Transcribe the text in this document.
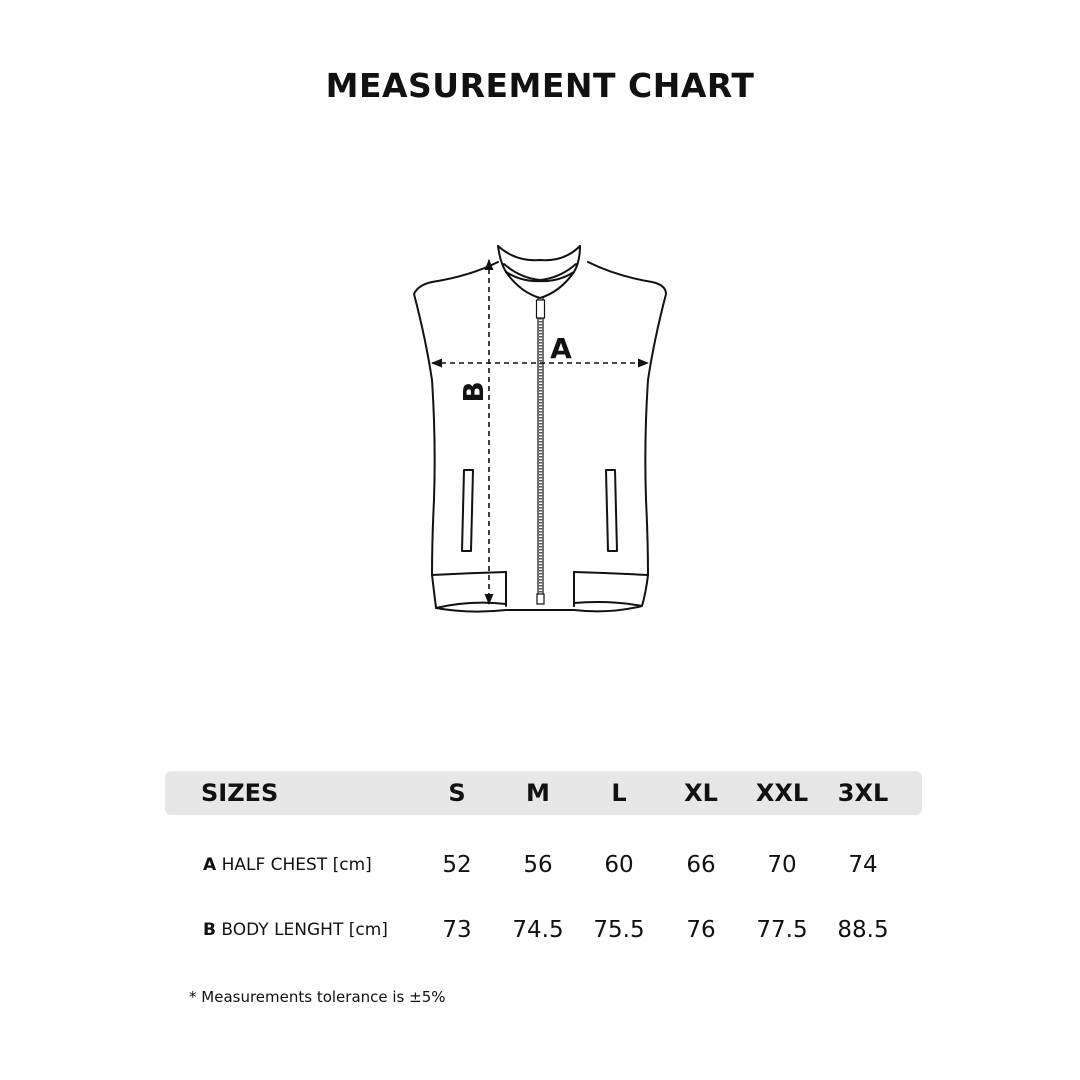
MEASUREMENT CHART
A
B
SIZES	S	M	L	XL	XXL	3XL
A HALF CHEST [cm]	52	56	60	66	70	74
B BODY LENGHT [cm]	73	74.5	75.5	76	77.5	88.5
* Measurements tolerance is ±5%
